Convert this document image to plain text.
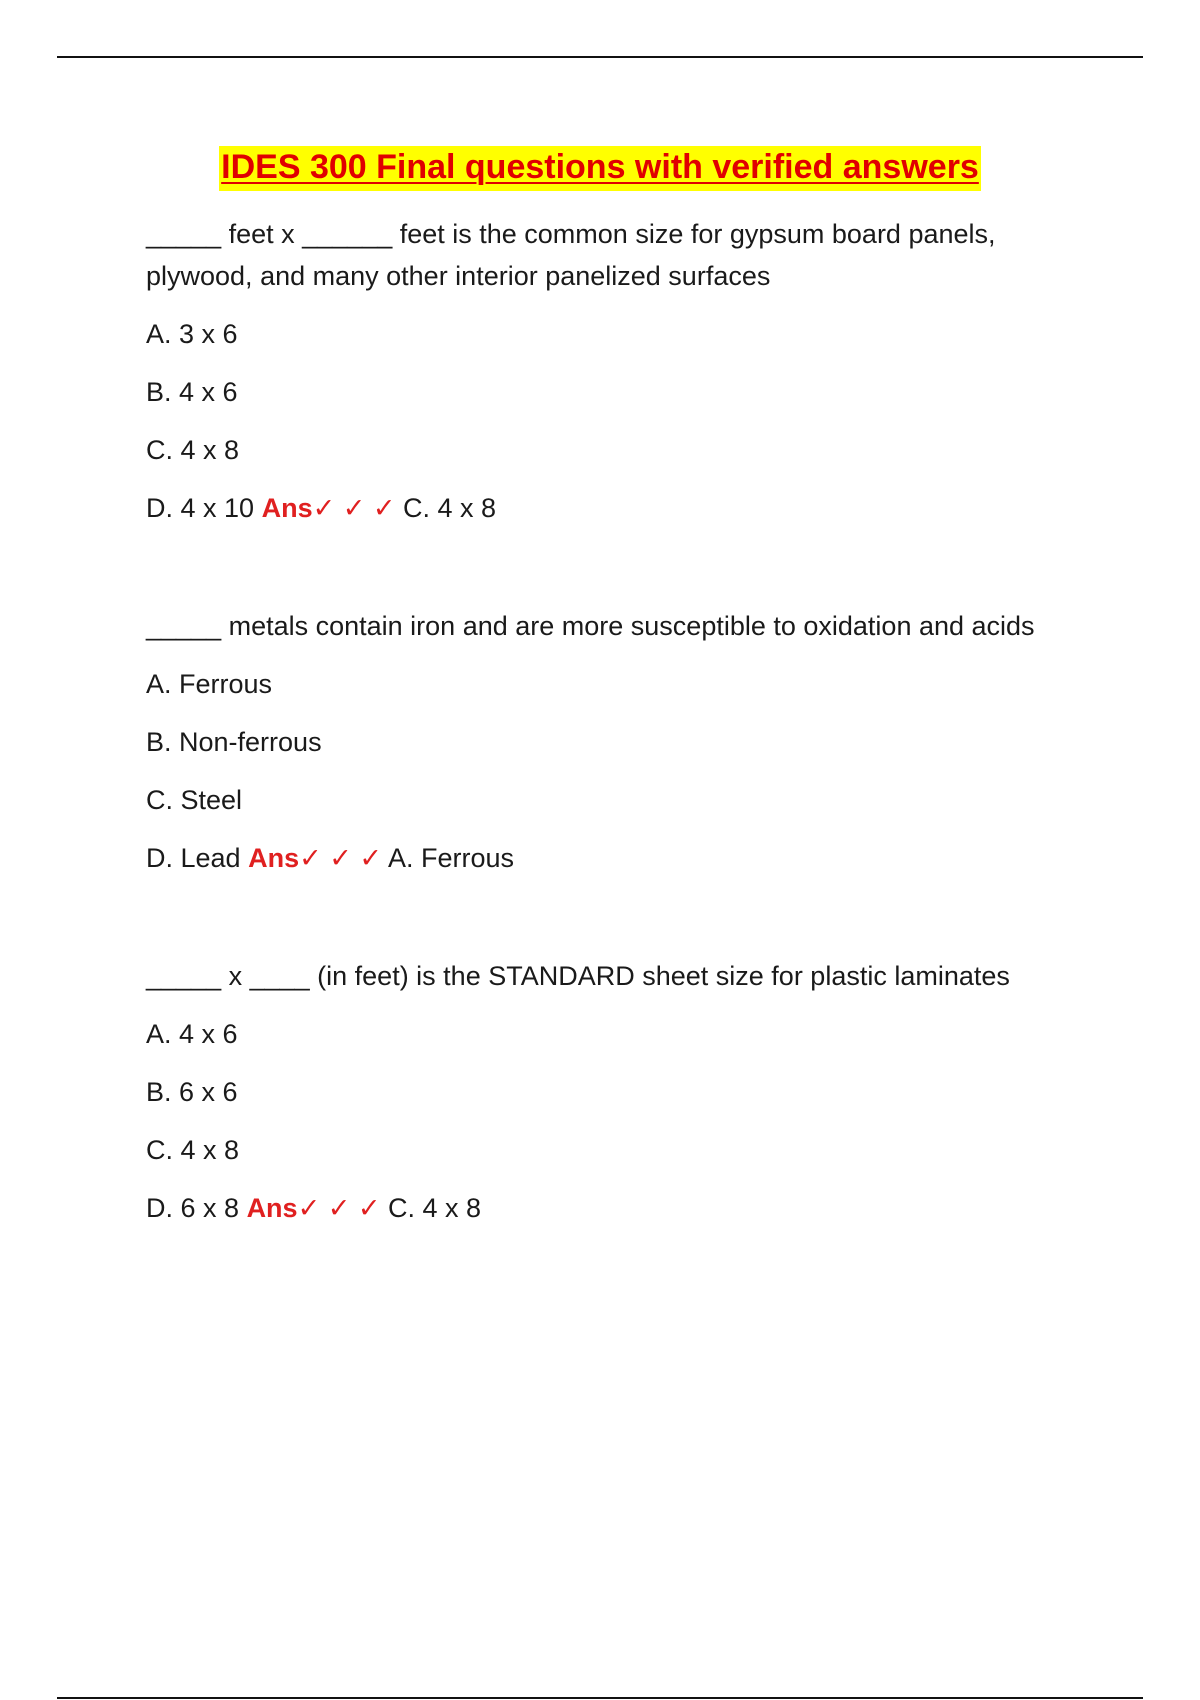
IDES 300 Final questions with verified answers
_____ feet x ______ feet is the common size for gypsum board panels, plywood, and many other interior panelized surfaces
A. 3 x 6
B. 4 x 6
C. 4 x 8
D. 4 x 10 Ans✓ ✓ ✓ C. 4 x 8
_____ metals contain iron and are more susceptible to oxidation and acids
A. Ferrous
B. Non-ferrous
C. Steel
D. Lead Ans✓ ✓ ✓ A. Ferrous
_____ x ____ (in feet) is the STANDARD sheet size for plastic laminates
A. 4 x 6
B. 6 x 6
C. 4 x 8
D. 6 x 8 Ans✓ ✓ ✓ C. 4 x 8
